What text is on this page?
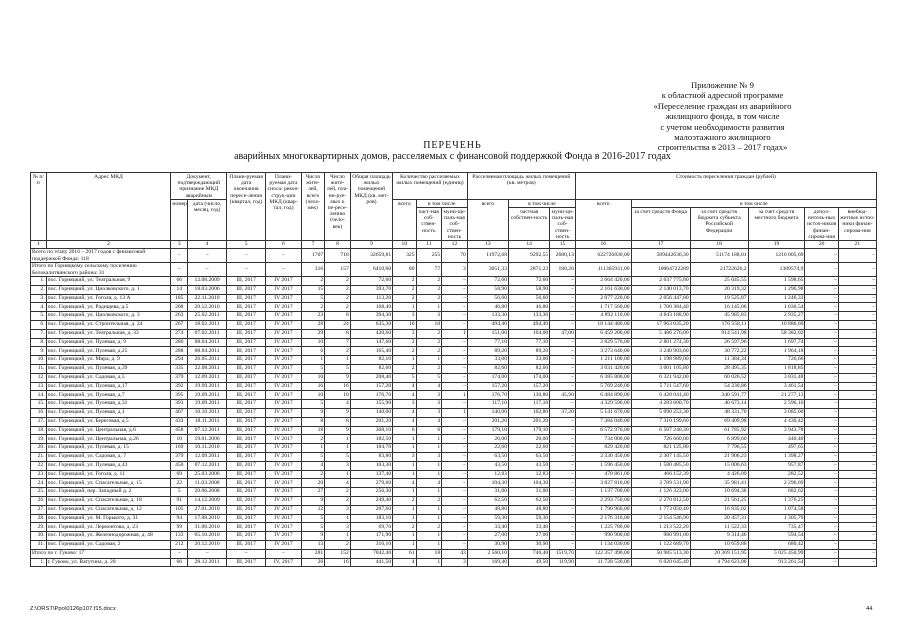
Приложение № 9
к областной адресной программе
«Переселение граждан из аварийного
жилищного фонда, в том числе
с учетом необходимости развития
малоэтажного жилищного
строительства в 2013 – 2017 годах»
ПЕРЕЧЕНЬ
аварийных многоквартирных домов, расселяемых с финансовой поддержкой Фонда в 2016-2017 годах
№ п/п	Адрес МКД	Документ, подтверждающий признание МКД аварийным		Плани-руемая дата окончания пересе-ления (квартал, год)	Плани-руемая дата сноса/ рекон-струк-ции МКД (квар-тал, год)	Число жите-лей, всего (чело-век)	Число жите-лей, пла-ни-руе-мых к пе-ресе-лению (чело-век)	Общая площадь жилых помещений МКД (кв. мет-ров)	Количество расселяемых жилых помещений (единиц)			Расселяемая площадь жилых помещений (кв. метров)			Стоимость переселения граждан (рублей)					
		номер	дата (число, месяц, год)						всего	в том числе		всего	в том числе		всего	в том числе				
										част-ная соб-ствен-ность	муни-ци-паль-ная соб-ствен-ность		частная собствен-ность	муни-ци-паль-ная соб-ствен-ность		за счет средств Фонда	за счет средств бюджета субъекта Российской Федерации	за счет средств местного бюджета	допол-нитель-ных источ-ников финан-сирова-ния	внебюд-жетные источ-ники финан-сирова-ния
1	2	3	4	5	6	7	8	9	10	11	12	13	14	15	16	17	18	19	20	21
Всего по этапу 2016 – 2017 годов с финансовой поддержкой Фонда: 118		–	–	–	–	1707	718	32659,81	325	255	70	11972,68	9292,55	2680,13	622726830,00	589442636,30	51174 188,01	1210 005,69	–	–
Итого по Горняцкому сельскому поселению Белокалитвинского района: 31		–	–	–	–	316	157	6410,60	80	77	3	3051,33	2871,23	180,20	111365931,00	10064722289	21722626,2	1389574,9	–	–
1.	пос. Горняцкий, ул. Театральная, 9	66	12.08.2009	III, 2017	IV 2017	2	2	72,60	2	2	–	72,60	72,60	–	2 664 420,00	2 637 775,80	25 045,55	1 598,65	–	–
2.	пос. Горняцкий, ул. Циолковского, д. 1	14	18.03.2006	III, 2017	IV 2017	15	2	393,70	2	2	–	58,90	58,90	–	2 161 630,00	2 140 013,70	20 319,32	1 296,98	–	–
3.	пос. Горняцкий, ул. Гоголя, д. 13 А	185	22.11.2010	III, 2017	IV 2017	5	2	113,20	2	2	–	56,60	56,60	–	2 077 220,00	2 056 447,80	19 525,87	1 246,33	–	–
4.	пос. Горняцкий, ул. Радищева, д.5	208	20.12.2010	III, 2017	IV 2017	2	2	168,40	1	1	–	46,80	46,80	–	1 717 560,00	1 700 384,40	16 145,06	1 030,54	–	–
5.	пос. Горняцкий, ул. Циолковского, д. 3	263	25.02.2011	III, 2017	IV 2017	23	8	394,30	3	3	–	133,30	133,30	–	4 892 110,00	4 843 188,90	45 985,83	2 935,27	–	–
6.	пос. Горняцкий, ул. Строительная, д. 24	267	18.02.2011	III, 2017	IV 2017	28	24	635,30	10	10	–	494,40	494,40	–	18 144 480,00	17 963 035,20	170 558,11	10 886,69	–	–
7.	пос. Горняцкий, ул. Театральная, д. 33	274	07.02.2011	III, 2017	IV 2017	29	8	420,60	3	2	1	151,00	104,00	47,00	6 459 200,00	5 486 276,00	914 541,98	58 382,02	–	–
8.	пос. Горняцкий, ул. Пулевая, д. 9	286	08.04.2011	III, 2017	IV 2017	10	7	147,60	2	2	–	77,10	77,10	–	2 829 570,00	2 801 274,30	26 597,96	1 697,74	–	–
9.	пос. Горняцкий, ул. Пулевая, д.25	288	08.04.2011	III, 2017	IV 2017	6	2	165,40	2	2	–	89,20	89,20	–	3 273 640,00	3 240 903,60	30 772,22	1 964,18	–	–
10.	пос. Горняцкий, ул. Мира, д. 9	294	26.05.2011	III, 2017	IV 2017	1	1	82,10	1	1	–	33,00	33,00	–	1 211 100,00	1 198 989,00	11 384,34	726,66	–	–
11.	пос. Горняцкий, ул. Пулевая, д.39	335	22.08.2011	III, 2017	IV 2017	5	5	82,60	2	2	–	82,60	82,60	–	3 031 420,00	3 001 105,80	28 495,35	1 818,85	–	–
12.	пос. Горняцкий, ул. Садовая, д.5	379	12.09.2011	III, 2017	IV 2017	10	9	208,40	5	5	–	174,00	174,00	–	6 385 800,00	6 321 942,00	60 026,52	3 831,48	–	–
13.	пос. Горняцкий, ул. Пулевая, д.17	392	19.09.2011	III, 2017	IV 2017	16	16	157,20	4	4	–	157,20	157,20	–	5 769 240,00	5 711 547,60	54 230,86	3 461,54	–	–
14.	пос. Горняцкий, ул. Пулевая, д.7	395	19.09.2011	III, 2017	IV 2017	10	10	176,70	4	3	1	176,70	130,80	45,90	6 484 890,00	6 420 041,40	340 591,77	21 277,13	–	–
15.	пос. Горняцкий, ул. Пулевая, д.31	393	19.09.2011	III, 2017	IV 2017	5	4	155,90	3	3	–	117,10	117,10	–	4 329 590,00	4 283 600,70	40 673,14	2 596,16	–	–
16.	пос. Горняцкий, ул. Пулевая, д.1	407	10.10.2011	III, 2017	IV 2017	9	9	140,00	4	3	1	140,00	102,80	37,20	5 141 670,00	5 090 253,30	48 331,70	3 085,00	–	–
17.	пос. Горняцкий, ул. Береговая, д.5	433	18.11.2011	III, 2017	IV 2017	8	8	201,20	4	4	–	201,20	201,20	–	7 384 040,00	7 310 199,60	69 409,98	4 430,42	–	–
18.	пос. Горняцкий, ул. Центральная, д.6	458	07.12.2011	III, 2017	IV 2017	18	9	368,10	6	6	–	179,10	179,10	–	6 572 970,00	6 507 240,30	61 785,92	3 943,78	–	–
19.	пос. Горняцкий, ул. Центральная, д.26	10	19.01.2006	III, 2017	IV 2017	2	1	182,50	1	1	–	20,00	20,00	–	734 000,00	726 660,00	6 899,60	440,40	–	–
20.	пос. Горняцкий, ул. Пулевая, д. 15	169	10.11.2010	III, 2017	IV 2017	1	1	184,70	1	1	–	22,60	22,60	–	829 420,00	821 125,80	7 796,55	497,65	–	–
21.	пос. Горняцкий, ул. Садовая, д. 7	379	12.09.2011	III, 2017	IV 2017	5	5	83,80	3	3	–	63,50	63,50	–	2 330 450,00	2 307 145,50	21 906,23	1 398,27	–	–
22.	пос. Горняцкий, ул. Пулевая, д.43	450	07.12.2011	III, 2017	IV 2017	4	3	103,30	1	1	–	43,50	43,50	–	1 596 450,00	1 580 485,50	15 006,63	957,87	–	–
23.	пос. Горняцкий, ул. Гоголя, д. 11	69	25.03.2006	III, 2017	IV 2017	2	1	137,40	1	1	–	12,83	12,83	–	470 861,00	466 152,39	4 426,09	282,52	–	–
24.	пос. Горняцкий, ул. Спасательная, д. 15	22	11.03.2008	III, 2017	IV 2017	20	4	279,60	4	4	–	104,30	104,30	–	3 827 810,00	3 789 531,90	35 981,41	2 296,69	–	–
25.	пос. Горняцкий, пер. Западный д. 2	5	20.06.2008	III, 2017	IV 2017	27	2	256,30	1	1	–	31,00	31,00	–	1 137 700,00	1 126 323,00	10 694,38	682,62	–	–
26.	пос. Горняцкий, ул. Спасательная, д. 18	91	14.12.2009	III, 2017	IV 2017	9	2	249,40	2	2	–	62,50	62,50	–	2 293 750,00	2 270 812,50	21 561,25	1 376,25	–	–
27.	пос. Горняцкий, ул. Спасательная, д. 12	105	27.01.2010	III, 2017	IV 2017	12	3	207,60	1	1	–	48,80	48,80	–	1 790 960,00	1 773 050,40	16 835,02	1 074,58	–	–
28.	пос. Горняцкий, ул. М. Горького, д. 31	94	17.08.2010	III, 2017	IV 2017	5	1	183,10	1	1	–	59,30	59,30	–	2 176 310,00	2 154 546,90	20 457,31	1 305,79	–	–
29.	пос. Горняцкий, ул. Лермонтова, д. 23	99	31.08.2010	III, 2017	IV 2017	5	3	69,70	2	2	–	33,40	33,40	–	1 225 780,00	1 213 522,20	11 522,33	735,47	–	–
30.	пос. Горняцкий, ул. Железнодорожная, д. 48	133	05.10.2010	III, 2017	IV 2017	9	1	171,90	1	1	–	27,00	27,00	–	990 900,00	980 991,00	9 314,46	594,54	–	–
31.	пос. Горняцкий, ул. Садовая, 2	212	20.12.2010	III, 2017	IV 2017	13	2	316,10	1	1	–	30,90	30,90	–	1 134 030,00	1 122 689,70	10 659,88	680,42	–	–
Итого по г. Гуково: 17		–	–	–	–	281	152	7042,40	61	18	43	2 560,10	740,40	1519,70	122 357 490,00	50 985 513,30	20 369 151,95	5 025 450,99	–	–
1.	г. Гуково, ул. Ватутина, д. 28	66	28.12.2011	III, 2017	IV, 2017	26	16	441,50	4	1	3	169,40	49,50	119,90	11 728 530,00	6 020 645,40	4 794 623,06	913 261,54	–	–
Z:\ORST\Ppo\0126p107.f15.docx	44
